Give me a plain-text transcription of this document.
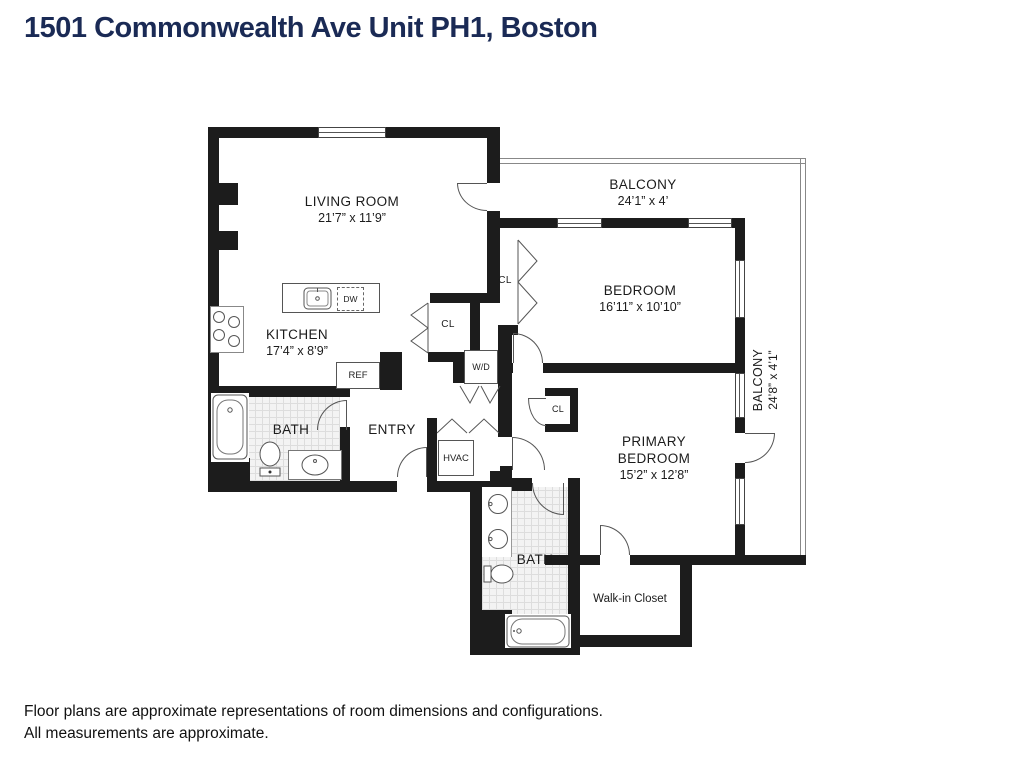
1501 Commonwealth Ave Unit PH1, Boston
DW
REF
W/D
HVAC
LIVING ROOM
21’7” x 11’9”
BALCONY
24’1” x 4’
BEDROOM
16’11” x 10’10”
KITCHEN
17’4” x 8’9”
PRIMARY BEDROOM
15’2” x 12’8”
BATH	ENTRY
BATH
Walk-in Closet
BALCONY 24’8” x 4’1”
CL
CL
CL
Floor plans are approximate representations of room dimensions and configurations.
All measurements are approximate.
